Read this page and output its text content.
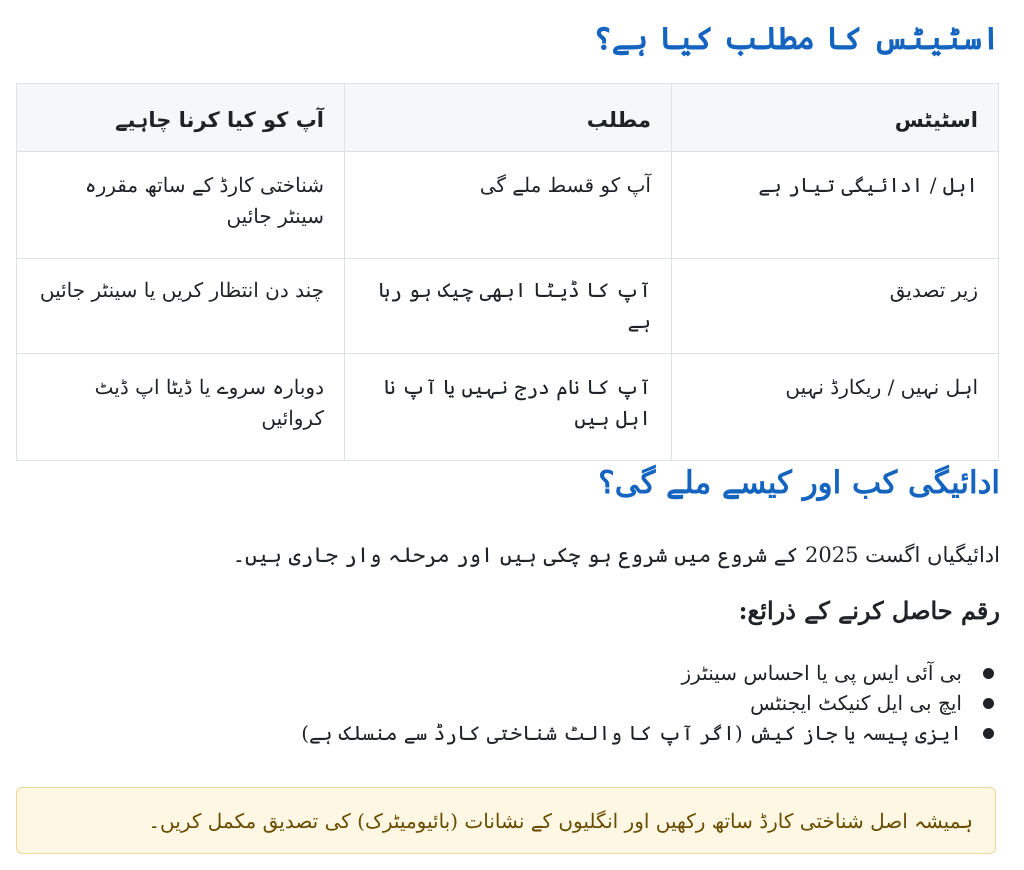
اسٹیٹس کا مطلب کیا ہے؟
اسٹیٹس	مطلب	آپ کو کیا کرنا چاہیے
اہل / ادائیگی تیار ہے	آپ کو قسط ملے گی	شناختی کارڈ کے ساتھ مقررہ سینٹر جائیں
زیر تصدیق	آپ کا ڈیٹا ابھی چیک ہو رہا ہے	چند دن انتظار کریں یا سینٹر جائیں
اہل نہیں / ریکارڈ نہیں	آپ کا نام درج نہیں یا آپ نا اہل ہیں	دوبارہ سروے یا ڈیٹا اپ ڈیٹ کروائیں
ادائیگی کب اور کیسے ملے گی؟

ادائیگیاں اگست 2025 کے شروع میں شروع ہو چکی ہیں اور مرحلہ وار جاری ہیں۔

رقم حاصل کرنے کے ذرائع:
بی آئی ایس پی یا احساس سینٹرز
ایچ بی ایل کنیکٹ ایجنٹس
ایزی پیسہ یا جاز کیش (اگر آپ کا والٹ شناختی کارڈ سے منسلک ہے)
ہمیشہ اصل شناختی کارڈ ساتھ رکھیں اور انگلیوں کے نشانات (بائیومیٹرک) کی تصدیق مکمل کریں۔
